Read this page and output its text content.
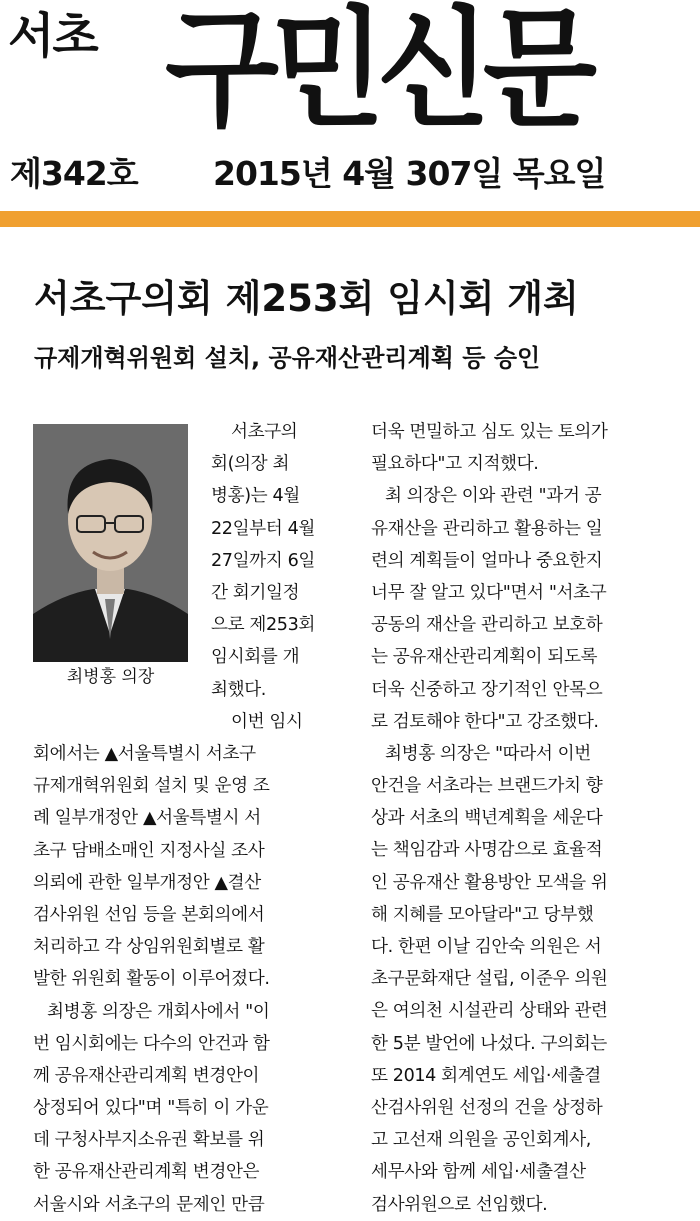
서초 구민신문
제342호 2015년 4월 307일 목요일
서초구의회 제253회 임시회 개최
규제개혁위원회 설치, 공유재산관리계획 등 승인
최병홍 의장
서초구의
회(의장 최
병홍)는 4월
22일부터 4월
27일까지 6일
간 회기일정
으로 제253회
임시회를 개
최했다.
이번 임시
회에서는 ▲서울특별시 서초구
규제개혁위원회 설치 및 운영 조
례 일부개정안 ▲서울특별시 서
초구 담배소매인 지정사실 조사
의뢰에 관한 일부개정안 ▲결산
검사위원 선임 등을 본회의에서
처리하고 각 상임위원회별로 활
발한 위원회 활동이 이루어졌다.
최병홍 의장은 개회사에서 "이
번 임시회에는 다수의 안건과 함
께 공유재산관리계획 변경안이
상정되어 있다"며 "특히 이 가운
데 구청사부지소유권 확보를 위
한 공유재산관리계획 변경안은
서울시와 서초구의 문제인 만큼
더욱 면밀하고 심도 있는 토의가
필요하다"고 지적했다.
최 의장은 이와 관련 "과거 공
유재산을 관리하고 활용하는 일
련의 계획들이 얼마나 중요한지
너무 잘 알고 있다"면서 "서초구
공동의 재산을 관리하고 보호하
는 공유재산관리계획이 되도록
더욱 신중하고 장기적인 안목으
로 검토해야 한다"고 강조했다.
최병홍 의장은 "따라서 이번
안건을 서초라는 브랜드가치 향
상과 서초의 백년계획을 세운다
는 책임감과 사명감으로 효율적
인 공유재산 활용방안 모색을 위
해 지혜를 모아달라"고 당부했
다. 한편 이날 김안숙 의원은 서
초구문화재단 설립, 이준우 의원
은 여의천 시설관리 상태와 관련
한 5분 발언에 나섰다. 구의회는
또 2014 회계연도 세입·세출결
산검사위원 선정의 건을 상정하
고 고선재 의원을 공인회계사,
세무사와 함께 세입·세출결산
검사위원으로 선임했다.
